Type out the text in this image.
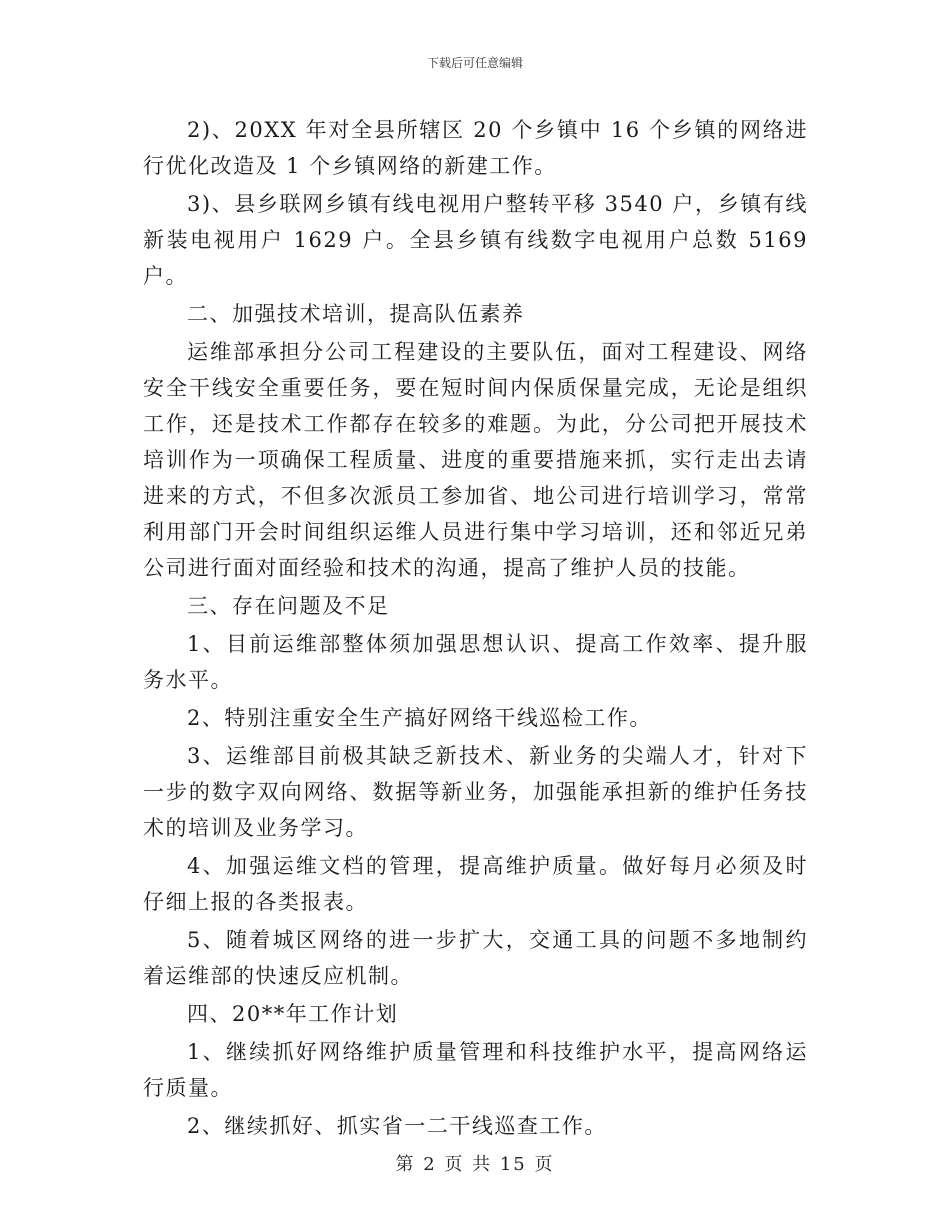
下载后可任意编辑

2)、20XX 年对全县所辖区 20 个乡镇中 16 个乡镇的网络进行优化改造及 1 个乡镇网络的新建工作。

3)、县乡联网乡镇有线电视用户整转平移 3540 户，乡镇有线新装电视用户 1629 户。全县乡镇有线数字电视用户总数 5169 户。

二、加强技术培训，提高队伍素养

运维部承担分公司工程建设的主要队伍，面对工程建设、网络安全干线安全重要任务，要在短时间内保质保量完成，无论是组织工作，还是技术工作都存在较多的难题。为此，分公司把开展技术培训作为一项确保工程质量、进度的重要措施来抓，实行走出去请进来的方式，不但多次派员工参加省、地公司进行培训学习，常常利用部门开会时间组织运维人员进行集中学习培训，还和邻近兄弟公司进行面对面经验和技术的沟通，提高了维护人员的技能。

三、存在问题及不足

1、目前运维部整体须加强思想认识、提高工作效率、提升服务水平。

2、特别注重安全生产搞好网络干线巡检工作。

3、运维部目前极其缺乏新技术、新业务的尖端人才，针对下一步的数字双向网络、数据等新业务，加强能承担新的维护任务技术的培训及业务学习。

4、加强运维文档的管理，提高维护质量。做好每月必须及时仔细上报的各类报表。

5、随着城区网络的进一步扩大，交通工具的问题不多地制约着运维部的快速反应机制。

四、20**年工作计划

1、继续抓好网络维护质量管理和科技维护水平，提高网络运行质量。

2、继续抓好、抓实省一二干线巡查工作。

第 2 页 共 15 页
